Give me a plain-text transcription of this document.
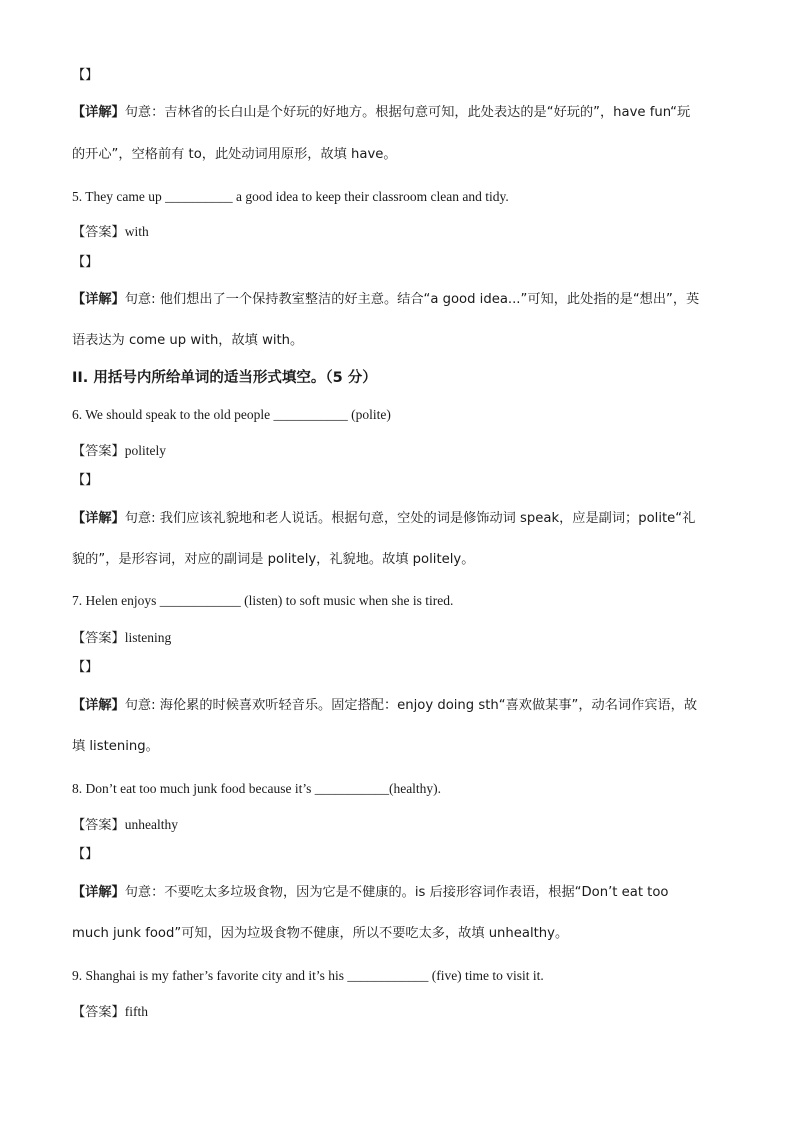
【】
【详解】句意：吉林省的长白山是个好玩的好地方。根据句意可知，此处表达的是“好玩的”，have fun“玩
的开心”，空格前有 to，此处动词用原形，故填 have。
5. They came up __________ a good idea to keep their classroom clean and tidy.
【答案】with
【】
【详解】句意: 他们想出了一个保持教室整洁的好主意。结合“a good idea...”可知，此处指的是“想出”，英
语表达为 come up with，故填 with。
II. 用括号内所给单词的适当形式填空。（5 分）
6. We should speak to the old people ___________ (polite)
【答案】politely
【】
【详解】句意: 我们应该礼貌地和老人说话。根据句意，空处的词是修饰动词 speak，应是副词；polite“礼
貌的”，是形容词，对应的副词是 politely，礼貌地。故填 politely。
7. Helen enjoys ____________ (listen) to soft music when she is tired.
【答案】listening
【】
【详解】句意: 海伦累的时候喜欢听轻音乐。固定搭配：enjoy doing sth“喜欢做某事”，动名词作宾语，故
填 listening。
8. Don’t eat too much junk food because it’s ___________(healthy).
【答案】unhealthy
【】
【详解】句意：不要吃太多垃圾食物，因为它是不健康的。is 后接形容词作表语，根据“Don’t eat too
much junk food”可知，因为垃圾食物不健康，所以不要吃太多，故填 unhealthy。
9. Shanghai is my father’s favorite city and it’s his ____________ (five) time to visit it.
【答案】fifth
